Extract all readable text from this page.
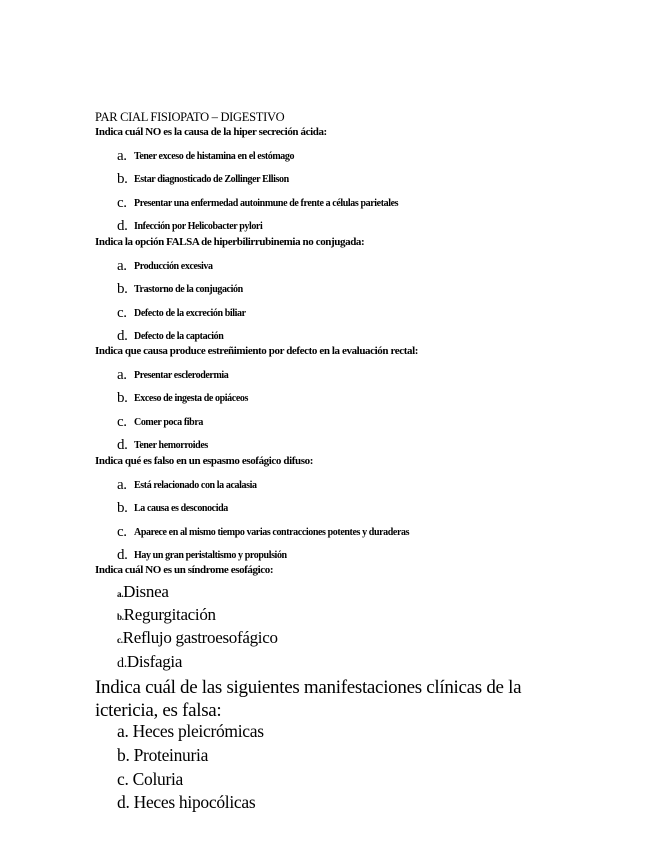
PAR CIAL FISIOPATO – DIGESTIVO
Indica cuál NO es la causa de la hiper secreción ácida:
a. Tener exceso de histamina en el estómago
b. Estar diagnosticado de Zollinger Ellison
c. Presentar una enfermedad autoinmune de frente a células parietales
d. Infección por Helicobacter pylori
Indica la opción FALSA de hiperbilirrubinemia no conjugada:
a. Producción excesiva
b. Trastorno de la conjugación
c. Defecto de la excreción biliar
d. Defecto de la captación
Indica que causa produce estreñimiento por defecto en la evaluación rectal:
a. Presentar esclerodermia
b. Exceso de ingesta de opiáceos
c. Comer poca fibra
d. Tener hemorroides
Indica qué es falso en un espasmo esofágico difuso:
a. Está relacionado con la acalasia
b. La causa es desconocida
c. Aparece en al mismo tiempo varias contracciones potentes y duraderas
d. Hay un gran peristaltismo y propulsión
Indica cuál NO es un síndrome esofágico:
a.Disnea
b.Regurgitación
c.Reflujo gastroesofágico
d.Disfagia
Indica cuál de las siguientes manifestaciones clínicas de la ictericia, es falsa:
a. Heces pleicrómicas
b. Proteinuria
c. Coluria
d. Heces hipocólicas
